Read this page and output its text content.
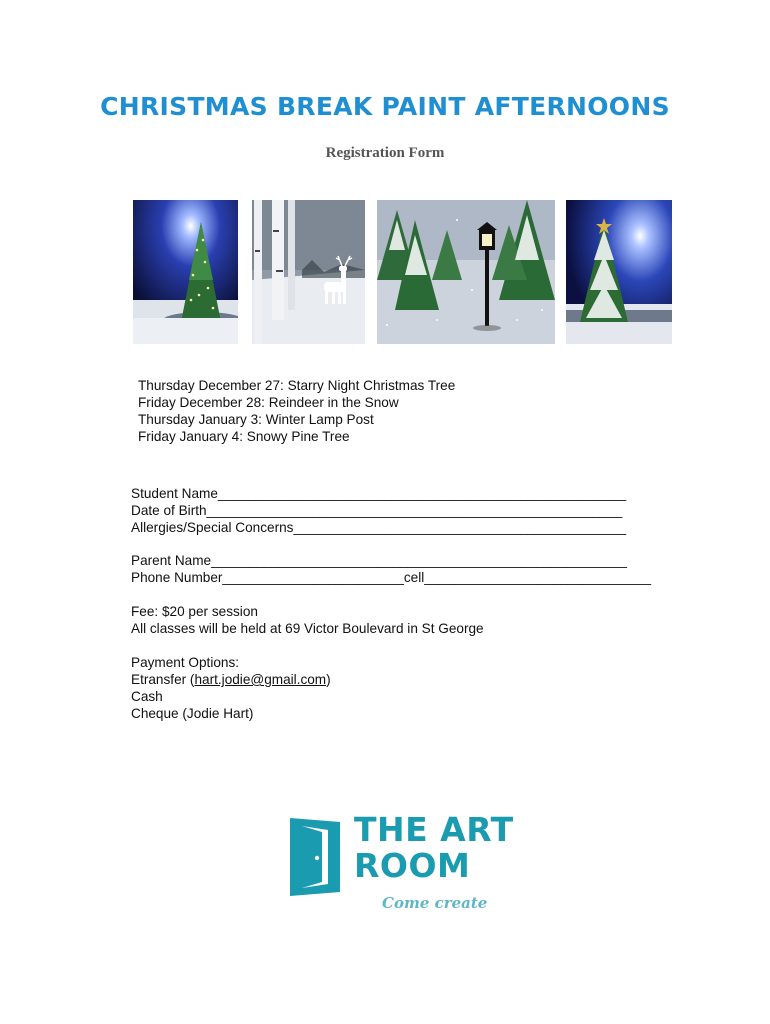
CHRISTMAS BREAK PAINT AFTERNOONS
Registration Form
Thursday December 27: Starry Night Christmas Tree
Friday December 28: Reindeer in the Snow
Thursday January 3: Winter Lamp Post
Friday January 4: Snowy Pine Tree
Student Name______________________________________________________
Date of Birth_______________________________________________________
Allergies/Special Concerns____________________________________________
Parent Name_______________________________________________________
Phone Number________________________cell______________________________
Fee: $20 per session
All classes will be held at 69 Victor Boulevard in St George
Payment Options:
Etransfer (hart.jodie@gmail.com)
Cash
Cheque (Jodie Hart)
THE ART
ROOM
Come create
